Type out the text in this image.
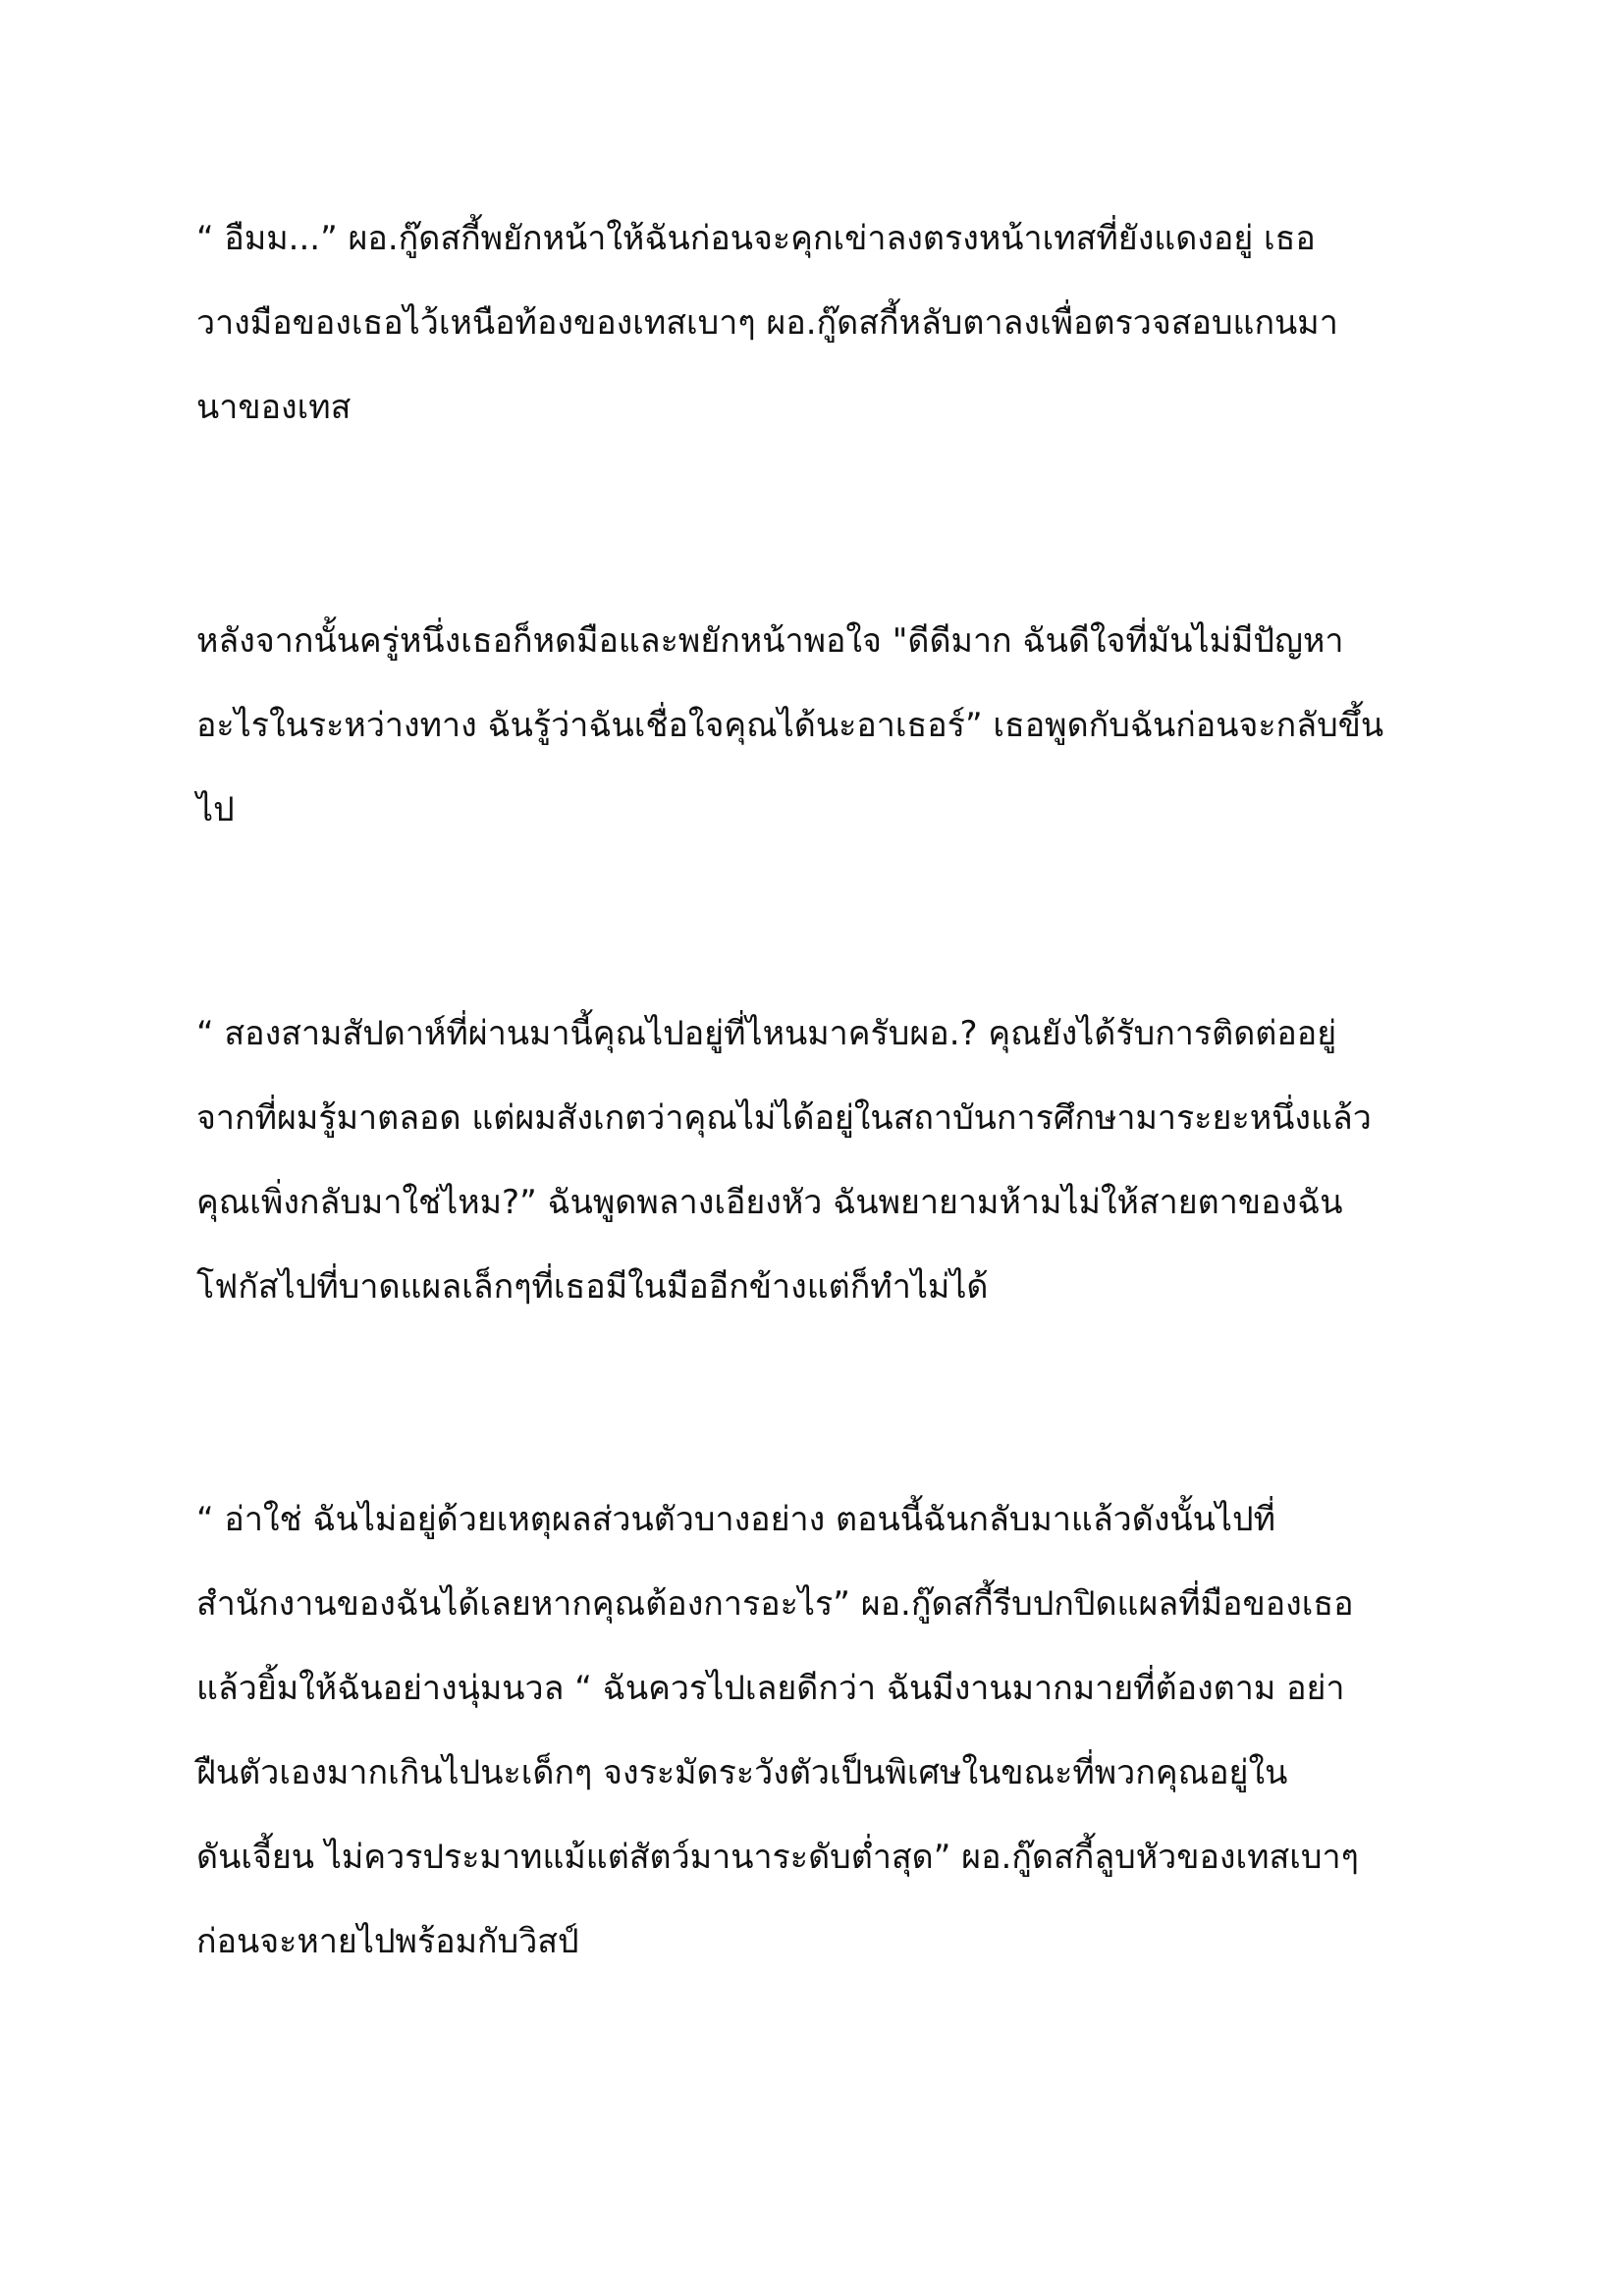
“ อืมม...” ผอ.กู๊ดสกี้พยักหน้าให้ฉันก่อนจะคุกเข่าลงตรงหน้าเทสที่ยังแดงอยู่ เธอ
วางมือของเธอไว้เหนือท้องของเทสเบาๆ ผอ.กู๊ดสกี้หลับตาลงเพื่อตรวจสอบแกนมา
นาของเทส
หลังจากนั้นครู่หนึ่งเธอก็หดมือและพยักหน้าพอใจ "ดีดีมาก ฉันดีใจที่มันไม่มีปัญหา
อะไรในระหว่างทาง ฉันรู้ว่าฉันเชื่อใจคุณได้นะอาเธอร์” เธอพูดกับฉันก่อนจะกลับขึ้น
ไป
“ สองสามสัปดาห์ที่ผ่านมานี้คุณไปอยู่ที่ไหนมาครับผอ.? คุณยังได้รับการติดต่ออยู่
จากที่ผมรู้มาตลอด แต่ผมสังเกตว่าคุณไม่ได้อยู่ในสถาบันการศึกษามาระยะหนึ่งแล้ว
คุณเพิ่งกลับมาใช่ไหม?” ฉันพูดพลางเอียงหัว ฉันพยายามห้ามไม่ให้สายตาของฉัน
โฟกัสไปที่บาดแผลเล็กๆที่เธอมีในมืออีกข้างแต่ก็ทำไม่ได้
“ อ่าใช่ ฉันไม่อยู่ด้วยเหตุผลส่วนตัวบางอย่าง ตอนนี้ฉันกลับมาแล้วดังนั้นไปที่
สำนักงานของฉันได้เลยหากคุณต้องการอะไร” ผอ.กู๊ดสกี้รีบปกปิดแผลที่มือของเธอ
แล้วยิ้มให้ฉันอย่างนุ่มนวล “ ฉันควรไปเลยดีกว่า ฉันมีงานมากมายที่ต้องตาม อย่า
ฝืนตัวเองมากเกินไปนะเด็กๆ จงระมัดระวังตัวเป็นพิเศษในขณะที่พวกคุณอยู่ใน
ดันเจี้ยน ไม่ควรประมาทแม้แต่สัตว์มานาระดับต่ำสุด” ผอ.กู๊ดสกี้ลูบหัวของเทสเบาๆ
ก่อนจะหายไปพร้อมกับวิสป์
